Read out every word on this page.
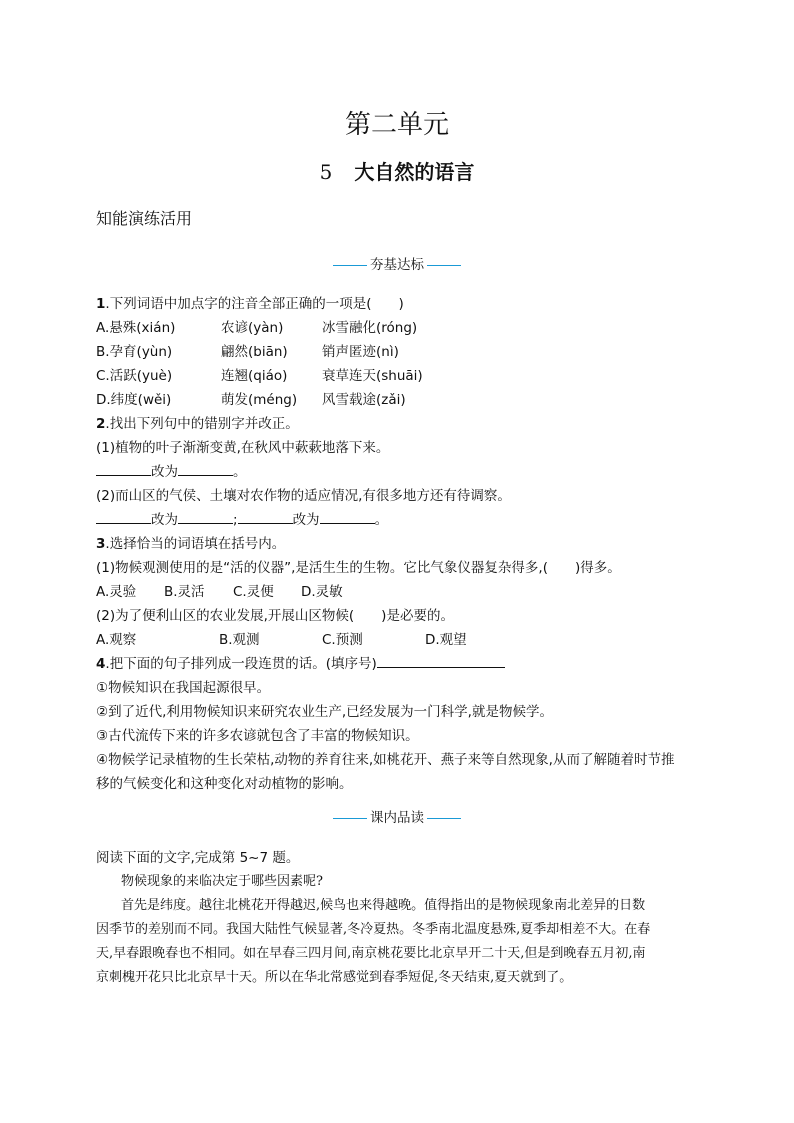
第二单元
5 大自然的语言
知能演练活用
夯基达标
1.下列词语中加点字的注音全部正确的一项是(　　)
A.悬殊(xián)	农谚(yàn)	冰雪融化(róng)
B.孕育(yùn)	翩然(biān)	销声匿迹(nì)
C.活跃(yuè)	连翘(qiáo)	衰草连天(shuāi)
D.纬度(wěi)	萌发(méng) 风雪载途(zǎi)
2.找出下列句中的错别字并改正。
(1)植物的叶子渐渐变黄,在秋风中蔌蔌地落下来。
改为	。
(2)而山区的气侯、土壤对农作物的适应情况,有很多地方还有待调察。
改为	;	改为	。
3.选择恰当的词语填在括号内。
(1)物候观测使用的是“活的仪器”,是活生生的生物。它比气象仪器复杂得多,(　　)得多。
A.灵验 B.灵活 C.灵便 D.灵敏
(2)为了便利山区的农业发展,开展山区物候(　　)是必要的。
A.观察	B.观测	C.预测	D.观望
4.把下面的句子排列成一段连贯的话。(填序号)
①物候知识在我国起源很早。
②到了近代,利用物候知识来研究农业生产,已经发展为一门科学,就是物候学。
③古代流传下来的许多农谚就包含了丰富的物候知识。
④物候学记录植物的生长荣枯,动物的养育往来,如桃花开、燕子来等自然现象,从而了解随着时节推
移的气候变化和这种变化对动植物的影响。
课内品读
阅读下面的文字,完成第 5~7 题。
物候现象的来临决定于哪些因素呢?
首先是纬度。越往北桃花开得越迟,候鸟也来得越晚。值得指出的是物候现象南北差异的日数
因季节的差别而不同。我国大陆性气候显著,冬冷夏热。冬季南北温度悬殊,夏季却相差不大。在春
天,早春跟晚春也不相同。如在早春三四月间,南京桃花要比北京早开二十天,但是到晚春五月初,南
京刺槐开花只比北京早十天。所以在华北常感觉到春季短促,冬天结束,夏天就到了。
